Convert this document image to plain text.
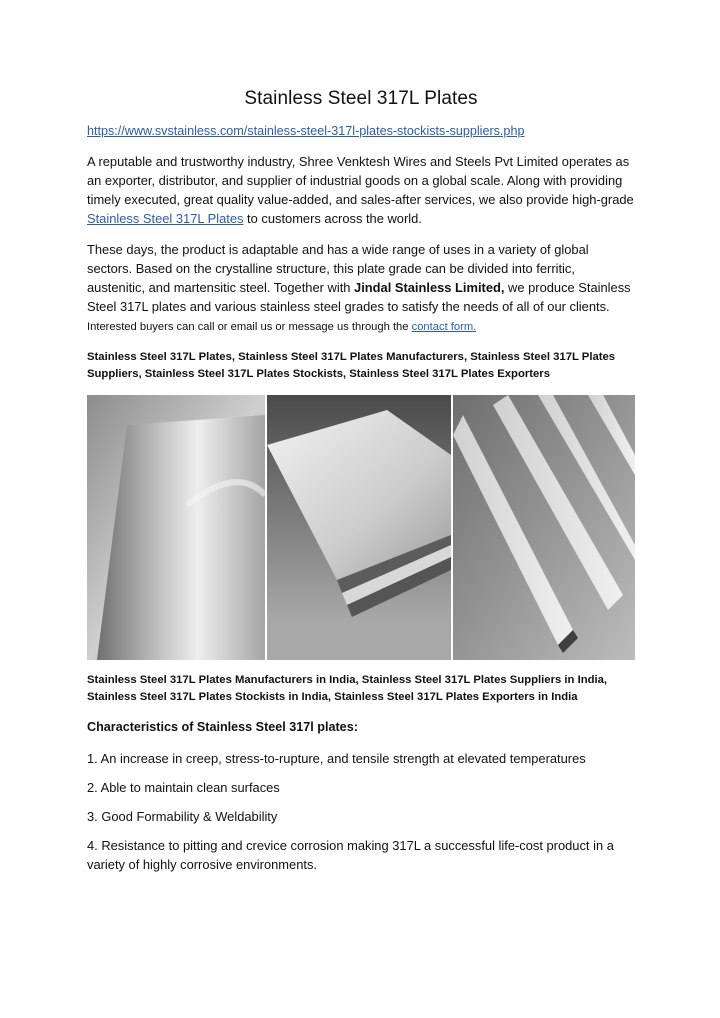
Stainless Steel 317L Plates
https://www.svstainless.com/stainless-steel-317l-plates-stockists-suppliers.php

A reputable and trustworthy industry, Shree Venktesh Wires and Steels Pvt Limited operates as an exporter, distributor, and supplier of industrial goods on a global scale. Along with providing timely executed, great quality value-added, and sales-after services, we also provide high-grade Stainless Steel 317L Plates to customers across the world.

These days, the product is adaptable and has a wide range of uses in a variety of global sectors. Based on the crystalline structure, this plate grade can be divided into ferritic, austenitic, and martensitic steel. Together with Jindal Stainless Limited, we produce Stainless Steel 317L plates and various stainless steel grades to satisfy the needs of all of our clients. Interested buyers can call or email us or message us through the contact form.

Stainless Steel 317L Plates, Stainless Steel 317L Plates Manufacturers, Stainless Steel 317L Plates Suppliers, Stainless Steel 317L Plates Stockists, Stainless Steel 317L Plates Exporters

Stainless Steel 317L Plates Manufacturers in India, Stainless Steel 317L Plates Suppliers in India, Stainless Steel 317L Plates Stockists in India, Stainless Steel 317L Plates Exporters in India

Characteristics of Stainless Steel 317l plates:

1. An increase in creep, stress-to-rupture, and tensile strength at elevated temperatures
2. Able to maintain clean surfaces
3. Good Formability & Weldability
4. Resistance to pitting and crevice corrosion making 317L a successful life-cost product in a variety of highly corrosive environments.
